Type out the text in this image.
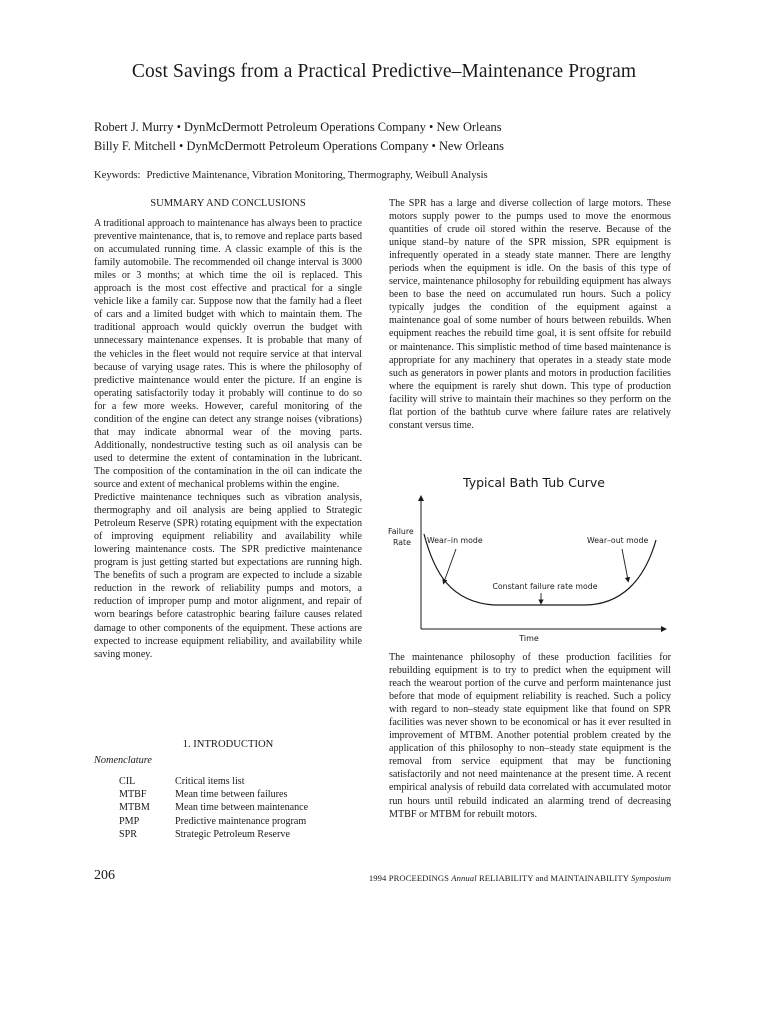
Cost Savings from a Practical Predictive–Maintenance Program
Robert J. Murry • DynMcDermott Petroleum Operations Company • New Orleans
Billy F. Mitchell • DynMcDermott Petroleum Operations Company • New Orleans
Keywords: Predictive Maintenance, Vibration Monitoring, Thermography, Weibull Analysis
SUMMARY AND CONCLUSIONS

A traditional approach to maintenance has always been to practice preventive maintenance, that is, to remove and replace parts based on accumulated running time. A classic example of this is the family automobile. The recommended oil change interval is 3000 miles or 3 months; at which time the oil is replaced. This approach is the most cost effective and practical for a single vehicle like a family car. Suppose now that the family had a fleet of cars and a limited budget with which to maintain them. The traditional approach would quickly overrun the budget with unnecessary maintenance expenses. It is probable that many of the vehicles in the fleet would not require service at that interval because of varying usage rates. This is where the philosophy of predictive maintenance would enter the picture. If an engine is operating satisfactorily today it probably will continue to do so for a few more weeks. However, careful monitoring of the condition of the engine can detect any strange noises (vibrations) that may indicate abnormal wear of the moving parts. Additionally, nondestructive testing such as oil analysis can be used to determine the extent of contamination in the lubricant. The composition of the contamination in the oil can indicate the source and extent of mechanical problems within the engine.

Predictive maintenance techniques such as vibration analysis, thermography and oil analysis are being applied to Strategic Petroleum Reserve (SPR) rotating equipment with the expectation of improving equipment reliability and availability while lowering maintenance costs. The SPR predictive maintenance program is just getting started but expectations are running high. The benefits of such a program are expected to include a sizable reduction in the rework of reliability pumps and motors, a reduction of improper pump and motor alignment, and repair of worn bearings before catastrophic bearing failure causes related damage to other components of the equipment. These actions are expected to increase equipment reliability, and availability while saving money.

1. INTRODUCTION
Nomenclature
CIL	Critical items list
MTBF	Mean time between failures
MTBM	Mean time between maintenance
PMP	Predictive maintenance program
SPR	Strategic Petroleum Reserve

The SPR has a large and diverse collection of large motors. These motors supply power to the pumps used to move the enormous quantities of crude oil stored within the reserve. Because of the unique stand–by nature of the SPR mission, SPR equipment is infrequently operated in a steady state manner. There are lengthy periods when the equipment is idle. On the basis of this type of service, maintenance philosophy for rebuilding equipment has always been to base the need on accumulated run hours. Such a policy typically judges the condition of the equipment against a maintenance goal of some number of hours between rebuilds. When equipment reaches the rebuild time goal, it is sent offsite for rebuild or maintenance. This simplistic method of time based maintenance is appropriate for any machinery that operates in a steady state mode such as generators in power plants and motors in production facilities where the equipment is rarely shut down. This type of production facility will strive to maintain their machines so they perform on the flat portion of the bathtub curve where failure rates are relatively constant versus time.

Typical Bath Tub Curve
Failure
Rate
Time
Wear–in mode	Wear–out mode
Constant failure rate mode

The maintenance philosophy of these production facilities for rebuilding equipment is to try to predict when the equipment will reach the wearout portion of the curve and perform maintenance just before that mode of equipment reliability is reached. Such a policy with regard to non–steady state equipment like that found on SPR facilities was never shown to be economical or has it ever resulted in improvement of MTBM. Another potential problem created by the application of this philosophy to non–steady state equipment is the removal from service equipment that may be functioning satisfactorily and not need maintenance at the present time. A recent empirical analysis of rebuild data correlated with accumulated motor run hours until rebuild indicated an alarming trend of decreasing MTBF or MTBM for rebuilt motors.

206	1994 PROCEEDINGS Annual RELIABILITY and MAINTAINABILITY Symposium
